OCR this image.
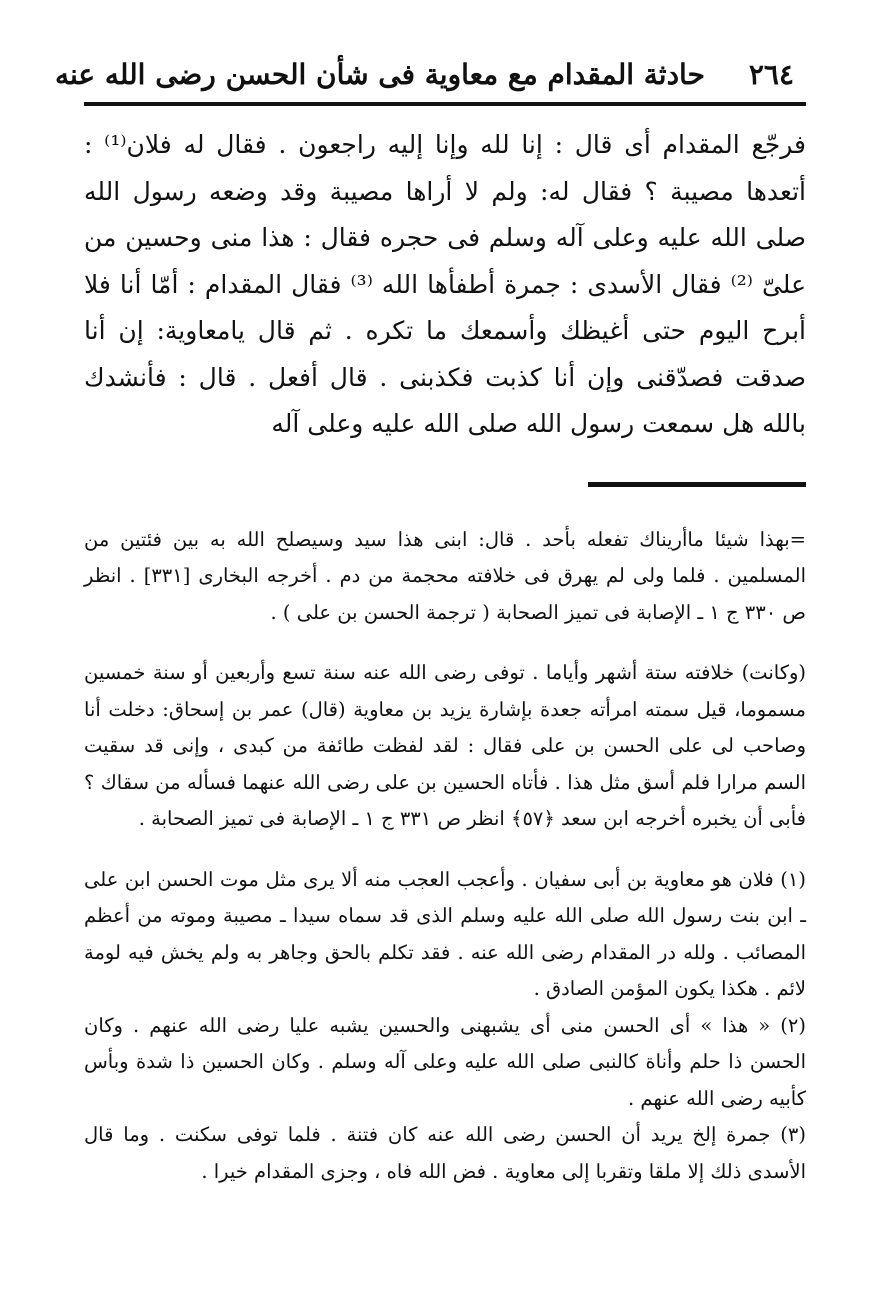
٢٦٤
حادثة المقدام مع معاوية فى شأن الحسن رضى الله عنه

فرجّع المقدام أى قال : إنا لله وإنا إليه راجعون . فقال له فلان⁽¹⁾ : أتعدها مصيبة ؟ فقال له: ولم لا أراها مصيبة وقد وضعه رسول الله صلى الله عليه وعلى آله وسلم فى حجره فقال : هذا منى وحسين من علىّ ⁽²⁾ فقال الأسدى : جمرة أطفأها الله ⁽³⁾ فقال المقدام : أمّا أنا فلا أبرح اليوم حتى أغيظك وأسمعك ما تكره . ثم قال يامعاوية: إن أنا صدقت فصدّقنى وإن أنا كذبت فكذبنى . قال أفعل . قال : فأنشدك بالله هل سمعت رسول الله صلى الله عليه وعلى آله

=بهذا شيئا ماأريناك تفعله بأحد . قال: ابنى هذا سيد وسيصلح الله به بين فئتين من المسلمين . فلما ولى لم يهرق فى خلافته محجمة من دم . أخرجه البخارى [٣٣١] . انظر ص ٣٣٠ ج ١ ـ الإصابة فى تميز الصحابة ( ترجمة الحسن بن على ) .

(وكانت) خلافته ستة أشهر وأياما . توفى رضى الله عنه سنة تسع وأربعين أو سنة خمسين مسموما، قيل سمته امرأته جعدة بإشارة يزيد بن معاوية (قال) عمر بن إسحاق: دخلت أنا وصاحب لى على الحسن بن على فقال : لقد لفظت طائفة من كبدى ، وإنى قد سقيت السم مرارا فلم أسق مثل هذا . فأتاه الحسين بن على رضى الله عنهما فسأله من سقاك ؟ فأبى أن يخبره أخرجه ابن سعد ﴿٥٧﴾ انظر ص ٣٣١ ج ١ ـ الإصابة فى تميز الصحابة .

(١) فلان هو معاوية بن أبى سفيان . وأعجب العجب منه ألا يرى مثل موت الحسن ابن على ـ ابن بنت رسول الله صلى الله عليه وسلم الذى قد سماه سيدا ـ مصيبة وموته من أعظم المصائب . ولله در المقدام رضى الله عنه . فقد تكلم بالحق وجاهر به ولم يخش فيه لومة لائم . هكذا يكون المؤمن الصادق .

(٢) « هذا » أى الحسن منى أى يشبهنى والحسين يشبه عليا رضى الله عنهم . وكان الحسن ذا حلم وأناة كالنبى صلى الله عليه وعلى آله وسلم . وكان الحسين ذا شدة وبأس كأبيه رضى الله عنهم .

(٣) جمرة إلخ يريد أن الحسن رضى الله عنه كان فتنة . فلما توفى سكنت . وما قال الأسدى ذلك إلا ملقا وتقربا إلى معاوية . فض الله فاه ، وجزى المقدام خيرا .
